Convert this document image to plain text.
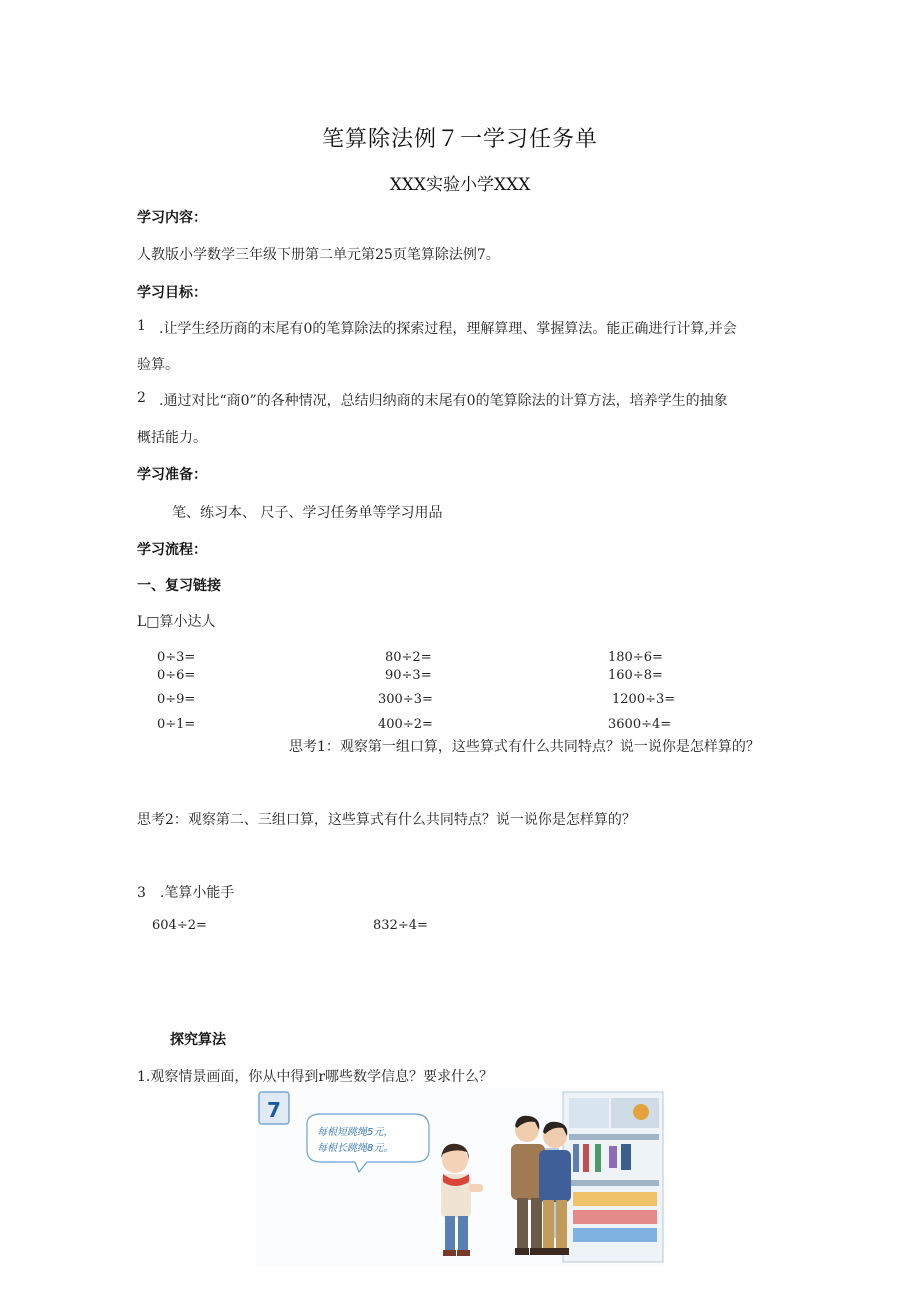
笔算除法例７一学习任务单
XXX实验小学XXX
学习内容：
人教版小学数学三年级下册第二单元第25页笔算除法例7。
学习目标：
1 .让学生经历商的末尾有0的笔算除法的探索过程，理解算理、掌握算法。能正确进行计算,并会
验算。
2 .通过对比“商0”的各种情况，总结归纳商的末尾有0的笔算除法的计算方法，培养学生的抽象
概括能力。
学习准备：
笔、练习本、 尺子、学习任务单等学习用品
学习流程：
一、复习链接
L□算小达人
0÷3=
0÷6=
0÷9=
0÷1=
80÷2=
90÷3=
300÷3=
400÷2=
180÷6=
160÷8=
1200÷3=
3600÷4=
思考1：观察第一组口算，这些算式有什么共同特点？说一说你是怎样算的？
思考2：观察第二、三组口算，这些算式有什么共同特点？说一说你是怎样算的？
3　.笔算小能手
604÷2=	832÷4=
探究算法
1.观察情景画面，你从中得到r哪些数学信息？要求什么？
7
每根短跳绳5元，
每根长跳绳8元。
